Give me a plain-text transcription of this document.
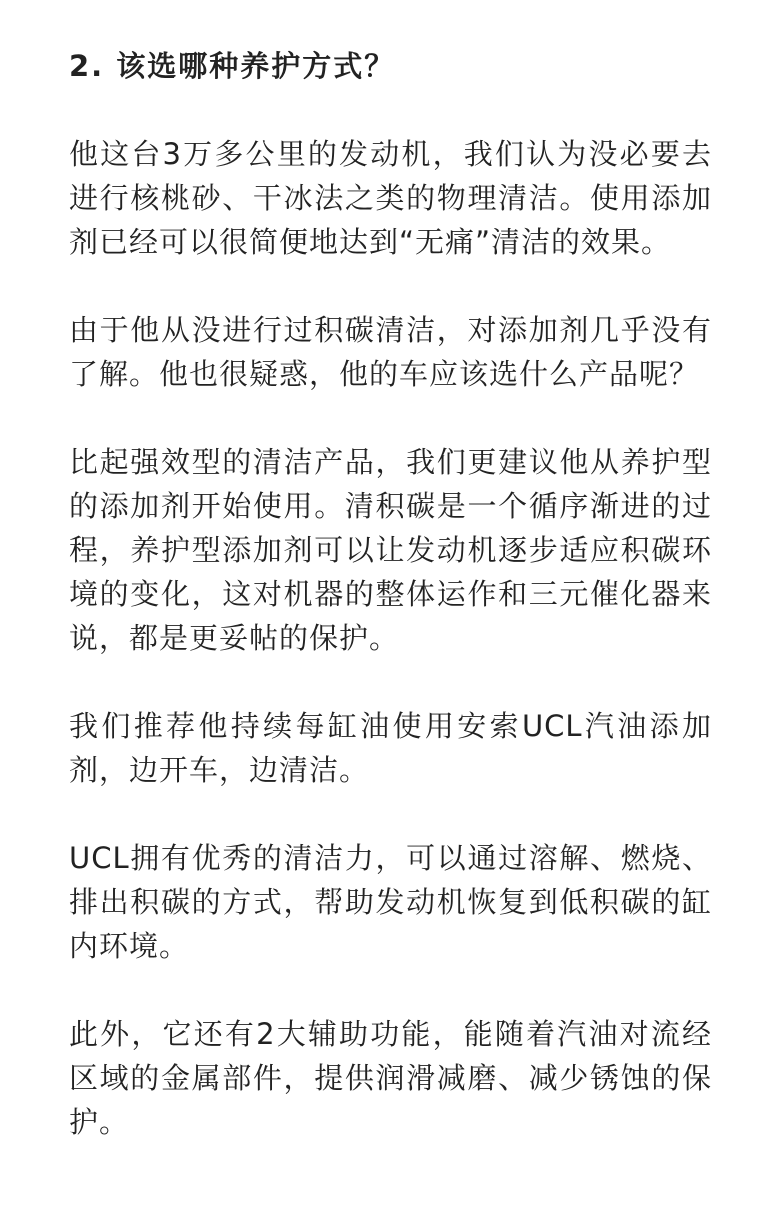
2. 该选哪种养护方式？

他这台3万多公里的发动机，我们认为没必要去进行核桃砂、干冰法之类的物理清洁。使用添加剂已经可以很简便地达到“无痛”清洁的效果。

由于他从没进行过积碳清洁，对添加剂几乎没有了解。他也很疑惑，他的车应该选什么产品呢？

比起强效型的清洁产品，我们更建议他从养护型的添加剂开始使用。清积碳是一个循序渐进的过程，养护型添加剂可以让发动机逐步适应积碳环境的变化，这对机器的整体运作和三元催化器来说，都是更妥帖的保护。

我们推荐他持续每缸油使用安索UCL汽油添加剂，边开车，边清洁。

UCL拥有优秀的清洁力，可以通过溶解、燃烧、排出积碳的方式，帮助发动机恢复到低积碳的缸内环境。

此外，它还有2大辅助功能，能随着汽油对流经区域的金属部件，提供润滑减磨、减少锈蚀的保护。
